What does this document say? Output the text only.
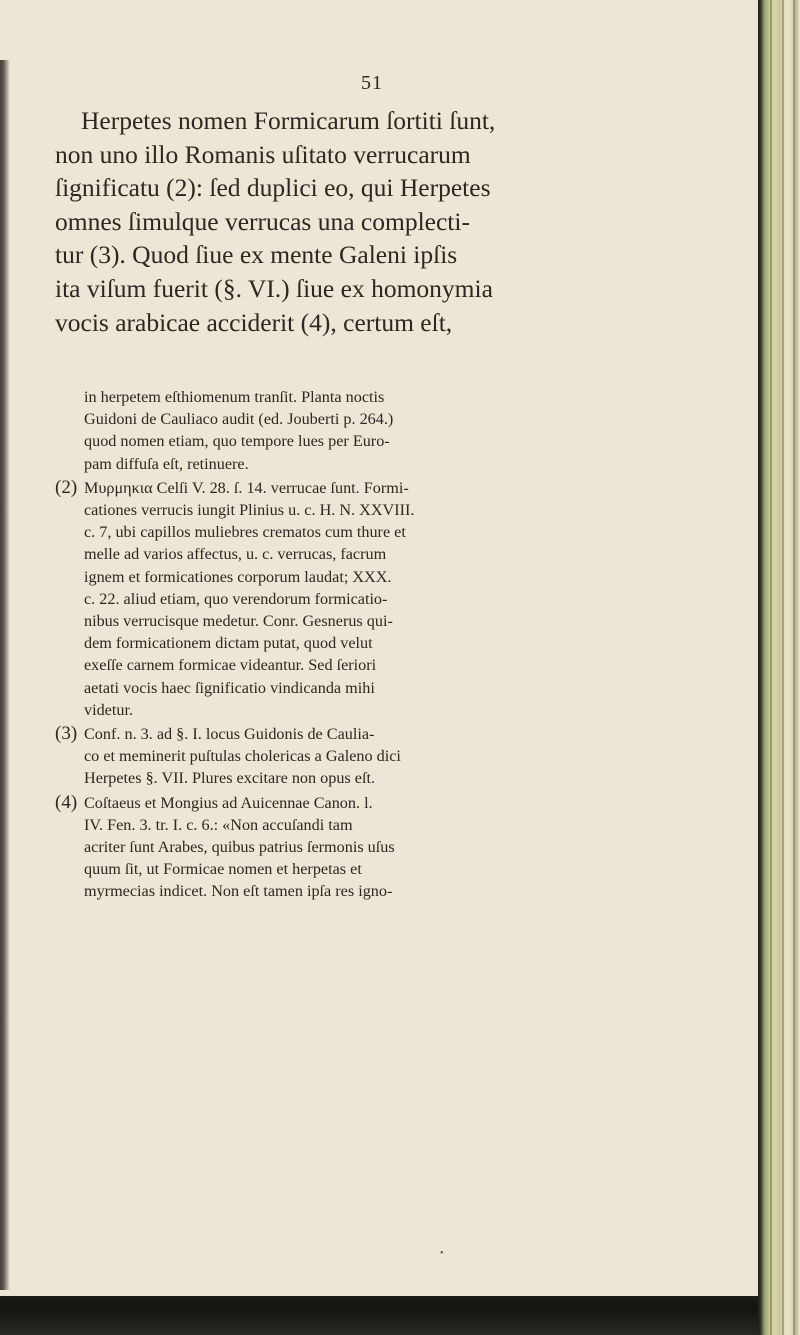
51

Herpetes nomen Formicarum ſortiti ſunt,

non uno illo Romanis uſitato verrucarum

ſignificatu (2): ſed duplici eo, qui Herpetes

omnes ſimulque verrucas una complecti-

tur (3). Quod ſiue ex mente Galeni ipſis

ita viſum fuerit (§. VI.) ſiue ex homonymia

vocis arabicae acciderit (4), certum eſt,

in herpetem eſthiomenum tranſit. Planta noctis
Guidoni de Cauliaco audit (ed. Jouberti p. 264.)
quod nomen etiam, quo tempore lues per Euro-
pam diffuſa eſt, retinuere.
(2) Μυρμηκια Celſi V. 28. ſ. 14. verrucae ſunt. Formi-
cationes verrucis iungit Plinius u. c. H. N. XXVIII.
c. 7, ubi capillos muliebres crematos cum thure et
melle ad varios affectus, u. c. verrucas, facrum
ignem et formicationes corporum laudat; XXX.
c. 22. aliud etiam, quo verendorum formicatio-
nibus verrucisque medetur. Conr. Gesnerus qui-
dem formicationem dictam putat, quod velut
exeſſe carnem formicae videantur. Sed ſeriori
aetati vocis haec ſignificatio vindicanda mihi
videtur.
(3) Conf. n. 3. ad §. I. locus Guidonis de Caulia-
co et meminerit puſtulas cholericas a Galeno dici
Herpetes §. VII. Plures excitare non opus eſt.
(4) Coſtaeus et Mongius ad Auicennae Canon. l.
IV. Fen. 3. tr. I. c. 6.: «Non accuſandi tam
acriter ſunt Arabes, quibus patrius ſermonis uſus
quum ſit, ut Formicae nomen et herpetas et
myrmecias indicet. Non eſt tamen ipſa res igno-
•
